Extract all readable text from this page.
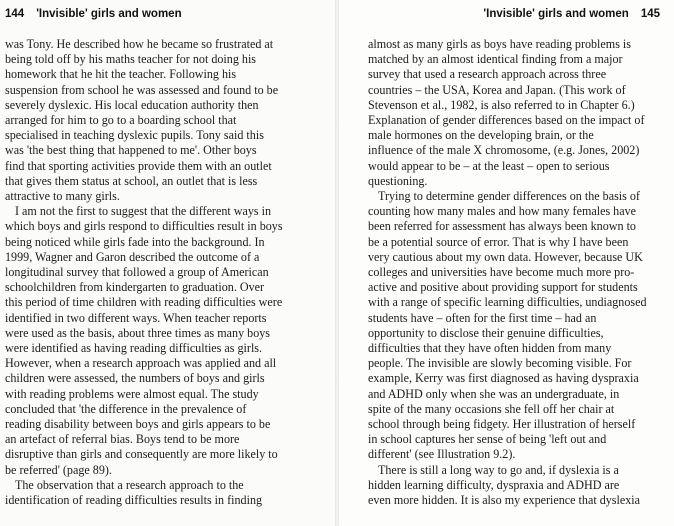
144 'Invisible' girls and women
was Tony. He described how he became so frustrated at
being told off by his maths teacher for not doing his
homework that he hit the teacher. Following his
suspension from school he was assessed and found to be
severely dyslexic. His local education authority then
arranged for him to go to a boarding school that
specialised in teaching dyslexic pupils. Tony said this
was 'the best thing that happened to me'. Other boys
find that sporting activities provide them with an outlet
that gives them status at school, an outlet that is less
attractive to many girls.
I am not the first to suggest that the different ways in
which boys and girls respond to difficulties result in boys
being noticed while girls fade into the background. In
1999, Wagner and Garon described the outcome of a
longitudinal survey that followed a group of American
schoolchildren from kindergarten to graduation. Over
this period of time children with reading difficulties were
identified in two different ways. When teacher reports
were used as the basis, about three times as many boys
were identified as having reading difficulties as girls.
However, when a research approach was applied and all
children were assessed, the numbers of boys and girls
with reading problems were almost equal. The study
concluded that 'the difference in the prevalence of
reading disability between boys and girls appears to be
an artefact of referral bias. Boys tend to be more
disruptive than girls and consequently are more likely to
be referred' (page 89).
The observation that a research approach to the
identification of reading difficulties results in finding
'Invisible' girls and women 145
almost as many girls as boys have reading problems is
matched by an almost identical finding from a major
survey that used a research approach across three
countries – the USA, Korea and Japan. (This work of
Stevenson et al., 1982, is also referred to in Chapter 6.)
Explanation of gender differences based on the impact of
male hormones on the developing brain, or the
influence of the male X chromosome, (e.g. Jones, 2002)
would appear to be – at the least – open to serious
questioning.
Trying to determine gender differences on the basis of
counting how many males and how many females have
been referred for assessment has always been known to
be a potential source of error. That is why I have been
very cautious about my own data. However, because UK
colleges and universities have become much more pro-
active and positive about providing support for students
with a range of specific learning difficulties, undiagnosed
students have – often for the first time – had an
opportunity to disclose their genuine difficulties,
difficulties that they have often hidden from many
people. The invisible are slowly becoming visible. For
example, Kerry was first diagnosed as having dyspraxia
and ADHD only when she was an undergraduate, in
spite of the many occasions she fell off her chair at
school through being fidgety. Her illustration of herself
in school captures her sense of being 'left out and
different' (see Illustration 9.2).
There is still a long way to go and, if dyslexia is a
hidden learning difficulty, dyspraxia and ADHD are
even more hidden. It is also my experience that dyslexia
